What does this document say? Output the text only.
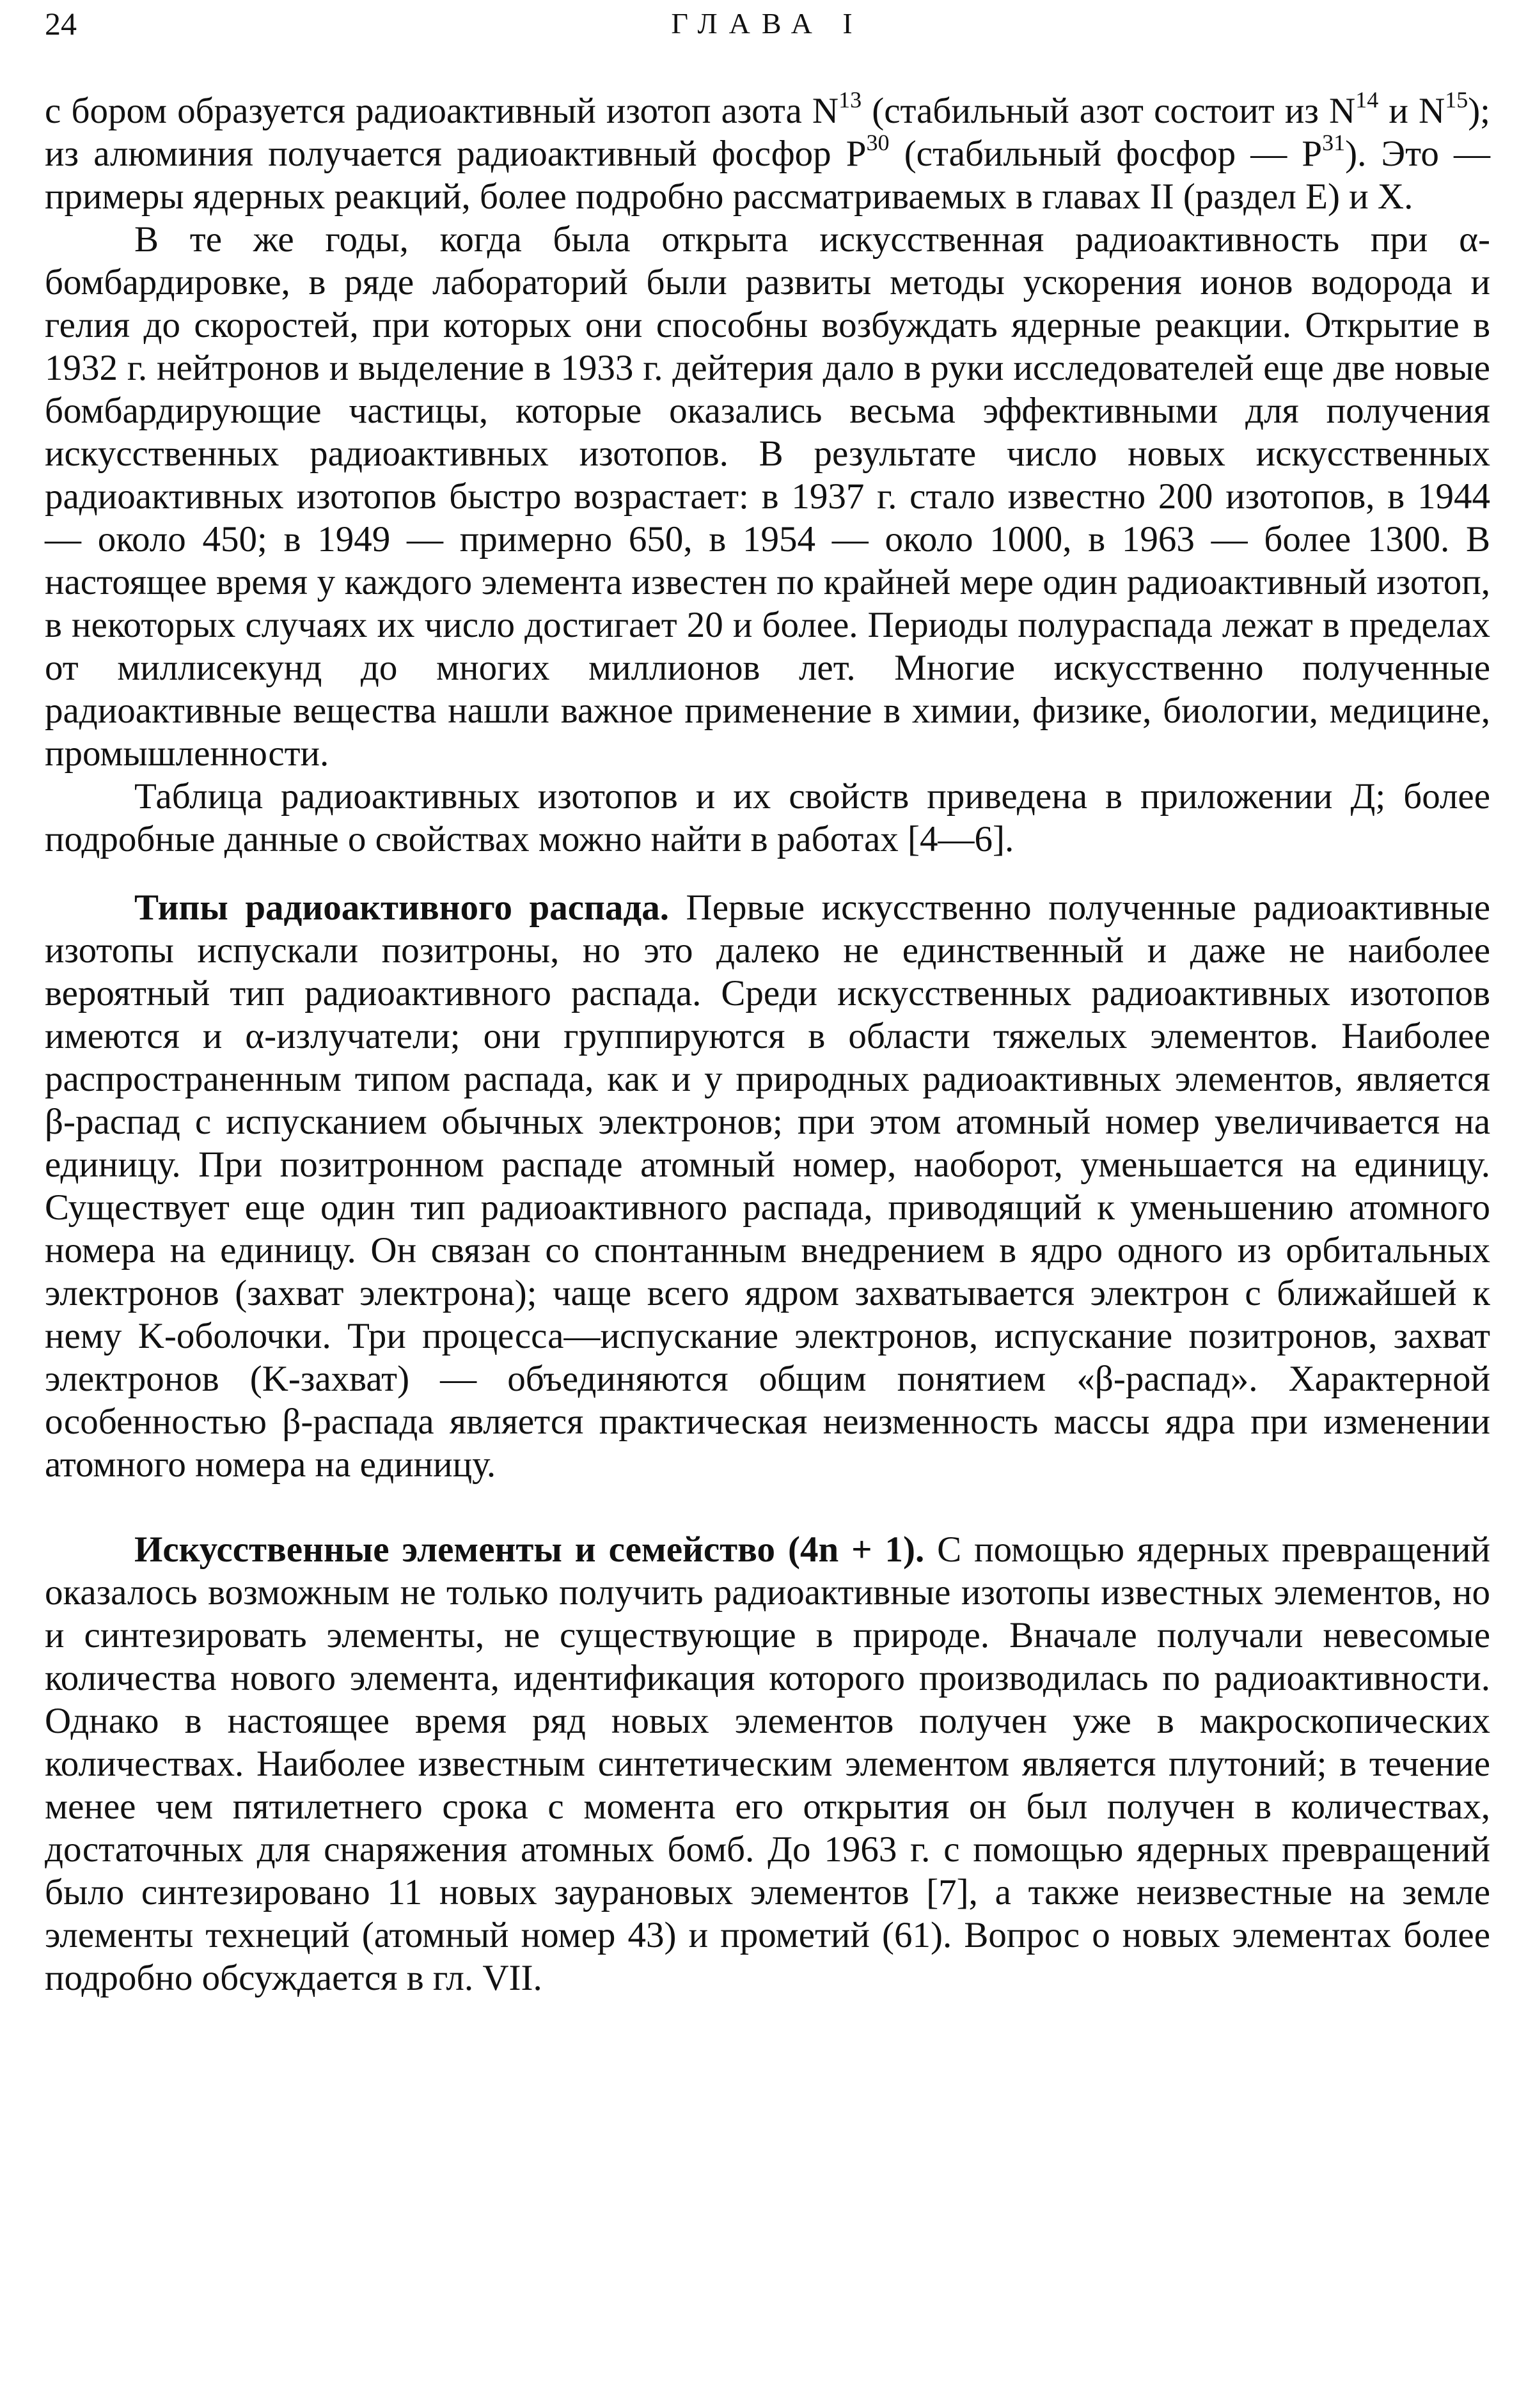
24	ГЛАВА I

с бором образуется радиоактивный изотоп азота $N^{13}$ (стабильный азот состоит из $N^{14}$ и $N^{15}$); из алюминия получается радиоактивный фосфор $P^{30}$ (стабильный фосфор — $P^{31}$). Это — примеры ядерных реакций, более подробно рассматриваемых в главах II (раздел Е) и X.

В те же годы, когда была открыта искусственная радиоактивность при α-бомбардировке, в ряде лабораторий были развиты методы ускорения ионов водорода и гелия до скоростей, при которых они способны возбуждать ядерные реакции. Открытие в 1932 г. нейтронов и выделение в 1933 г. дейтерия дало в руки исследователей еще две новые бомбардирующие частицы, которые оказались весьма эффективными для получения искусственных радиоактивных изотопов. В результате число новых искусственных радиоактивных изотопов быстро возрастает: в 1937 г. стало известно 200 изотопов, в 1944 — около 450; в 1949 — примерно 650, в 1954 — около 1000, в 1963 — более 1300. В настоящее время у каждого элемента известен по крайней мере один радиоактивный изотоп, в некоторых случаях их число достигает 20 и более. Периоды полураспада лежат в пределах от миллисекунд до многих миллионов лет. Многие искусственно полученные радиоактивные вещества нашли важное применение в химии, физике, биологии, медицине, промышленности.

Таблица радиоактивных изотопов и их свойств приведена в приложении Д; более подробные данные о свойствах можно найти в работах [4—6].

Типы радиоактивного распада. Первые искусственно полученные радиоактивные изотопы испускали позитроны, но это далеко не единственный и даже не наиболее вероятный тип радиоактивного распада. Среди искусственных радиоактивных изотопов имеются и α-излучатели; они группируются в области тяжелых элементов. Наиболее распространенным типом распада, как и у природных радиоактивных элементов, является β-распад с испусканием обычных электронов; при этом атомный номер увеличивается на единицу. При позитронном распаде атомный номер, наоборот, уменьшается на единицу. Существует еще один тип радиоактивного распада, приводящий к уменьшению атомного номера на единицу. Он связан со спонтанным внедрением в ядро одного из орбитальных электронов (захват электрона); чаще всего ядром захватывается электрон с ближайшей к нему K-оболочки. Три процесса—испускание электронов, испускание позитронов, захват электронов (K-захват) — объединяются общим понятием «β-распад». Характерной особенностью β-распада является практическая неизменность массы ядра при изменении атомного номера на единицу.

Искусственные элементы и семейство (4n + 1). С помощью ядерных превращений оказалось возможным не только получить радиоактивные изотопы известных элементов, но и синтезировать элементы, не существующие в природе. Вначале получали невесомые количества нового элемента, идентификация которого производилась по радиоактивности. Однако в настоящее время ряд новых элементов получен уже в макроскопических количествах. Наиболее известным синтетическим элементом является плутоний; в течение менее чем пятилетнего срока с момента его открытия он был получен в количествах, достаточных для снаряжения атомных бомб. До 1963 г. с помощью ядерных превращений было синтезировано 11 новых заурановых элементов [7], а также неизвестные на земле элементы технеций (атомный номер 43) и прометий (61). Вопрос о новых элементах более подробно обсуждается в гл. VII.
